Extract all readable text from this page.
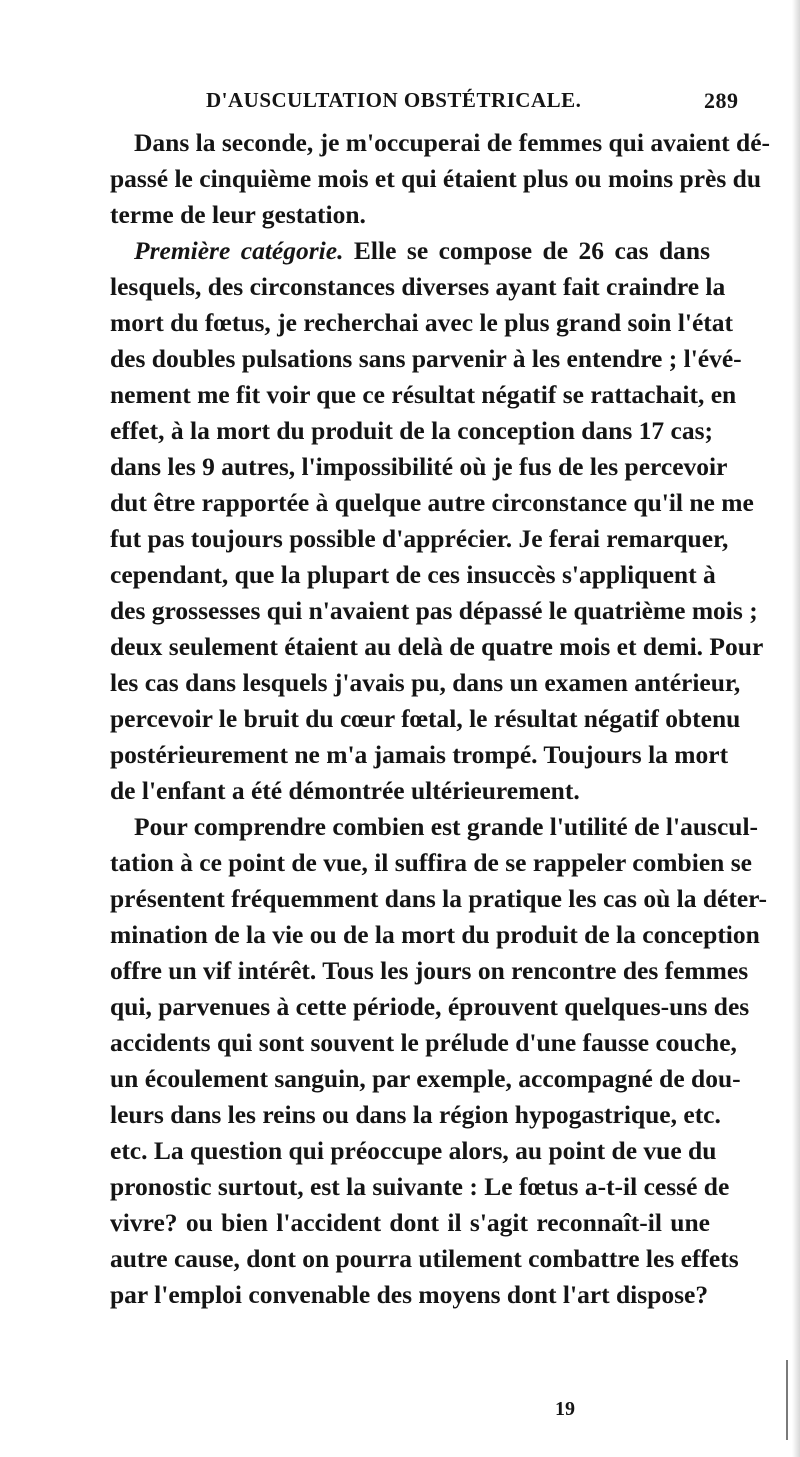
D'AUSCULTATION OBSTÉTRICALE.	289
Dans la seconde, je m'occuperai de femmes qui avaient dé-
passé le cinquième mois et qui étaient plus ou moins près du
terme de leur gestation.
Première catégorie. Elle se compose de 26 cas dans
lesquels, des circonstances diverses ayant fait craindre la
mort du fœtus, je recherchai avec le plus grand soin l'état
des doubles pulsations sans parvenir à les entendre ; l'évé-
nement me fit voir que ce résultat négatif se rattachait, en
effet, à la mort du produit de la conception dans 17 cas;
dans les 9 autres, l'impossibilité où je fus de les percevoir
dut être rapportée à quelque autre circonstance qu'il ne me
fut pas toujours possible d'apprécier. Je ferai remarquer,
cependant, que la plupart de ces insuccès s'appliquent à
des grossesses qui n'avaient pas dépassé le quatrième mois ;
deux seulement étaient au delà de quatre mois et demi. Pour
les cas dans lesquels j'avais pu, dans un examen antérieur,
percevoir le bruit du cœur fœtal, le résultat négatif obtenu
postérieurement ne m'a jamais trompé. Toujours la mort
de l'enfant a été démontrée ultérieurement.
Pour comprendre combien est grande l'utilité de l'auscul-
tation à ce point de vue, il suffira de se rappeler combien se
présentent fréquemment dans la pratique les cas où la déter-
mination de la vie ou de la mort du produit de la conception
offre un vif intérêt. Tous les jours on rencontre des femmes
qui, parvenues à cette période, éprouvent quelques-uns des
accidents qui sont souvent le prélude d'une fausse couche,
un écoulement sanguin, par exemple, accompagné de dou-
leurs dans les reins ou dans la région hypogastrique, etc.
etc. La question qui préoccupe alors, au point de vue du
pronostic surtout, est la suivante : Le fœtus a-t-il cessé de
vivre? ou bien l'accident dont il s'agit reconnaît-il une
autre cause, dont on pourra utilement combattre les effets
par l'emploi convenable des moyens dont l'art dispose?
19
